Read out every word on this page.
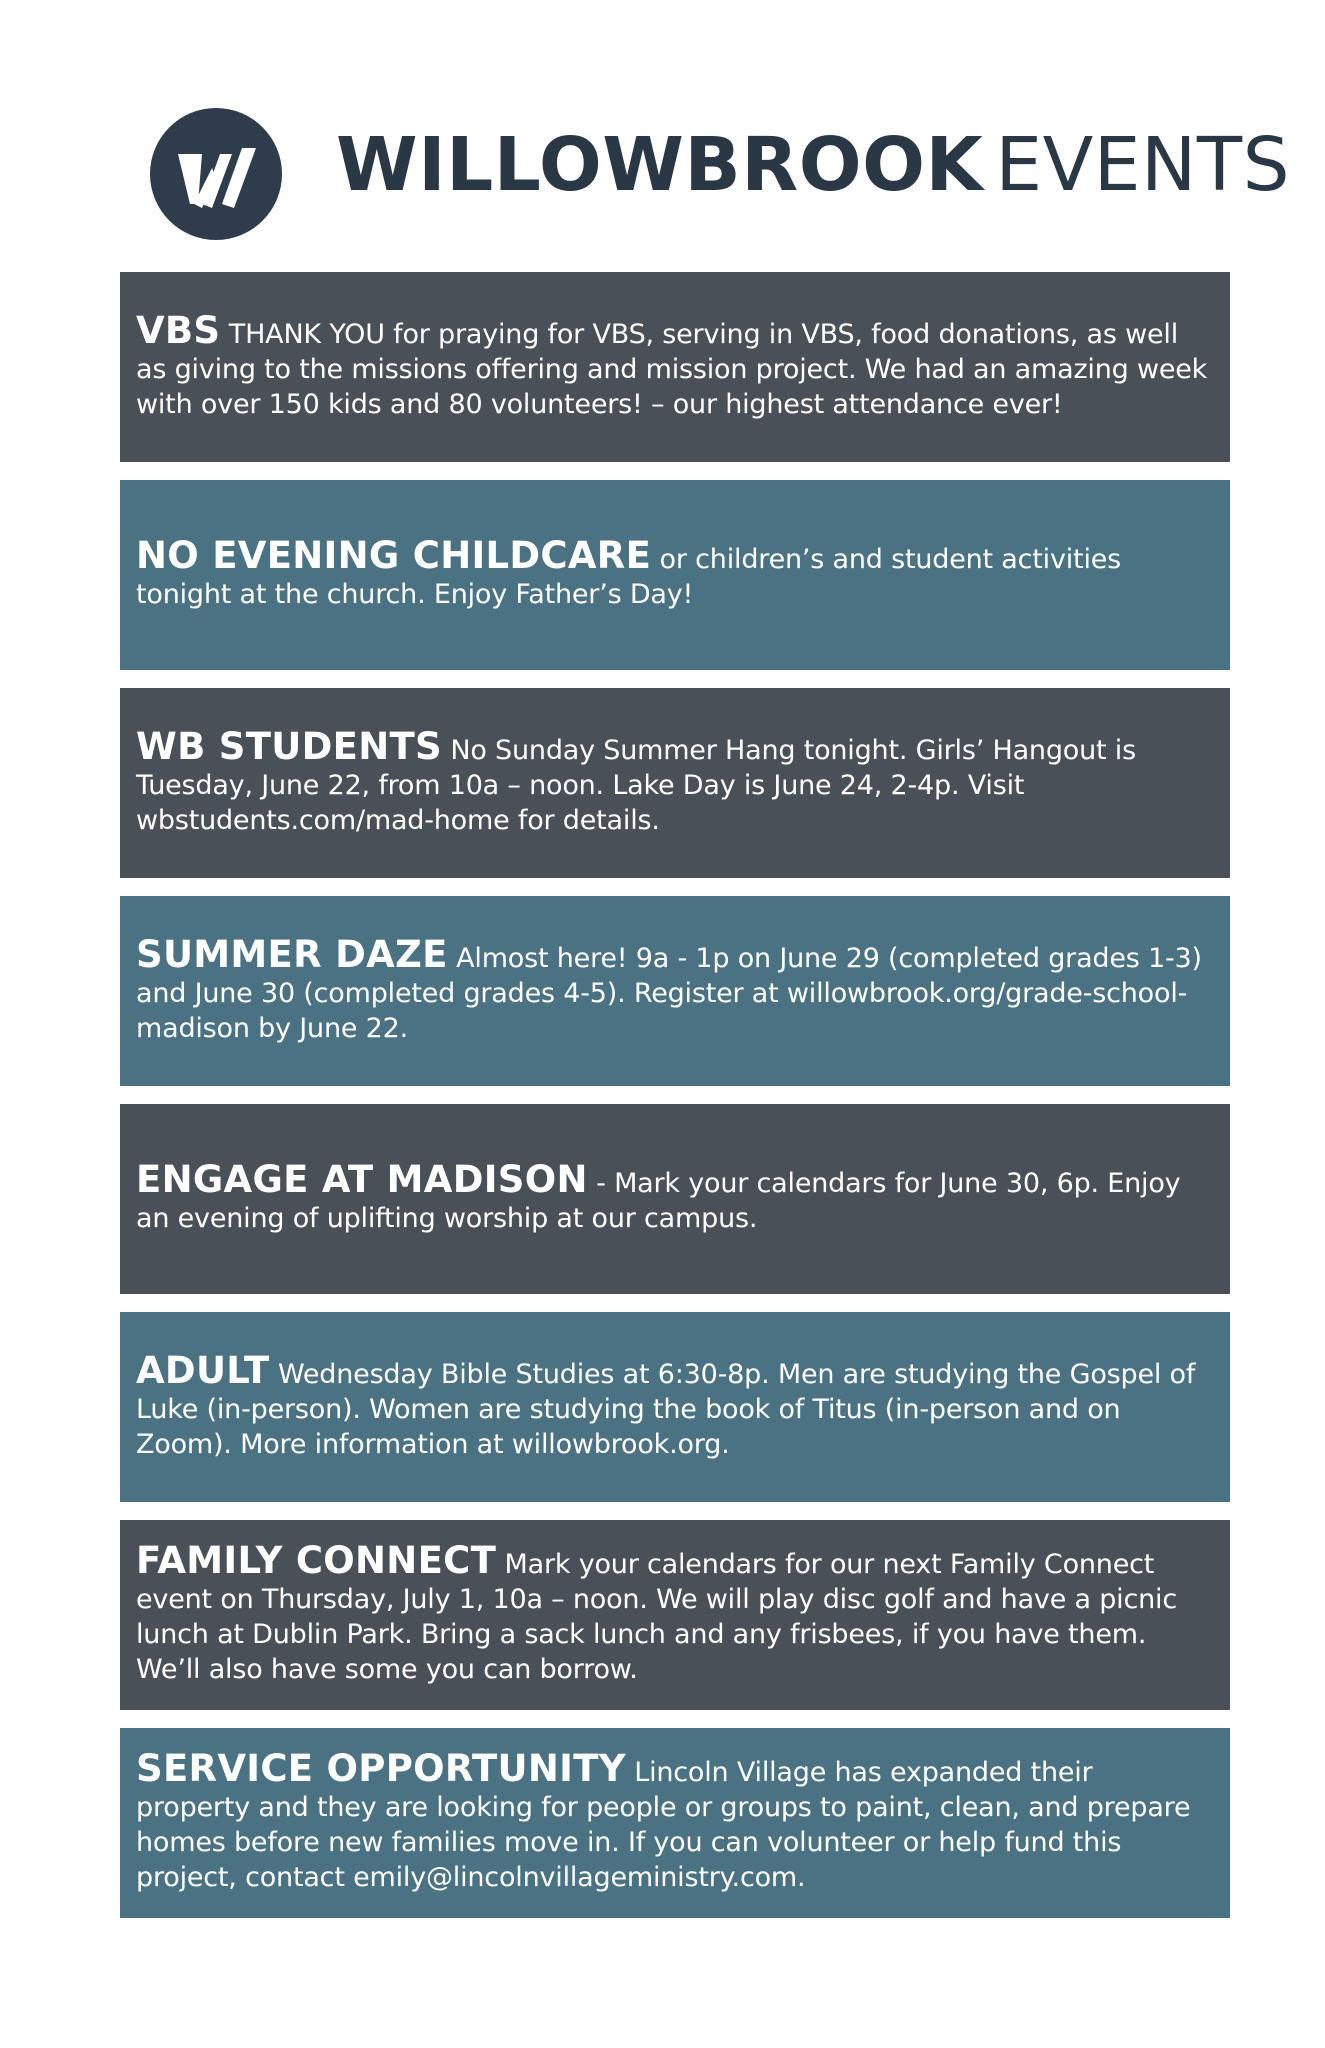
WILLOWBROOK EVENTS
VBS THANK YOU for praying for VBS, serving in VBS, food donations, as well as giving to the missions offering and mission project. We had an amazing week with over 150 kids and 80 volunteers! – our highest attendance ever!
NO EVENING CHILDCARE or children’s and student activities tonight at the church. Enjoy Father’s Day!
WB STUDENTS No Sunday Summer Hang tonight. Girls’ Hangout is Tuesday, June 22, from 10a – noon. Lake Day is June 24, 2-4p. Visit wbstudents.com/mad-home for details.
SUMMER DAZE Almost here! 9a - 1p on June 29 (completed grades 1-3) and June 30 (completed grades 4-5). Register at willowbrook.org/grade-school-madison by June 22.
ENGAGE AT MADISON - Mark your calendars for June 30, 6p. Enjoy an evening of uplifting worship at our campus.
ADULT Wednesday Bible Studies at 6:30-8p. Men are studying the Gospel of Luke (in-person). Women are studying the book of Titus (in-person and on Zoom). More information at willowbrook.org.
FAMILY CONNECT Mark your calendars for our next Family Connect event on Thursday, July 1, 10a – noon. We will play disc golf and have a picnic lunch at Dublin Park. Bring a sack lunch and any frisbees, if you have them. We’ll also have some you can borrow.
SERVICE OPPORTUNITY Lincoln Village has expanded their property and they are looking for people or groups to paint, clean, and prepare homes before new families move in. If you can volunteer or help fund this project, contact emily@lincolnvillageministry.com.
